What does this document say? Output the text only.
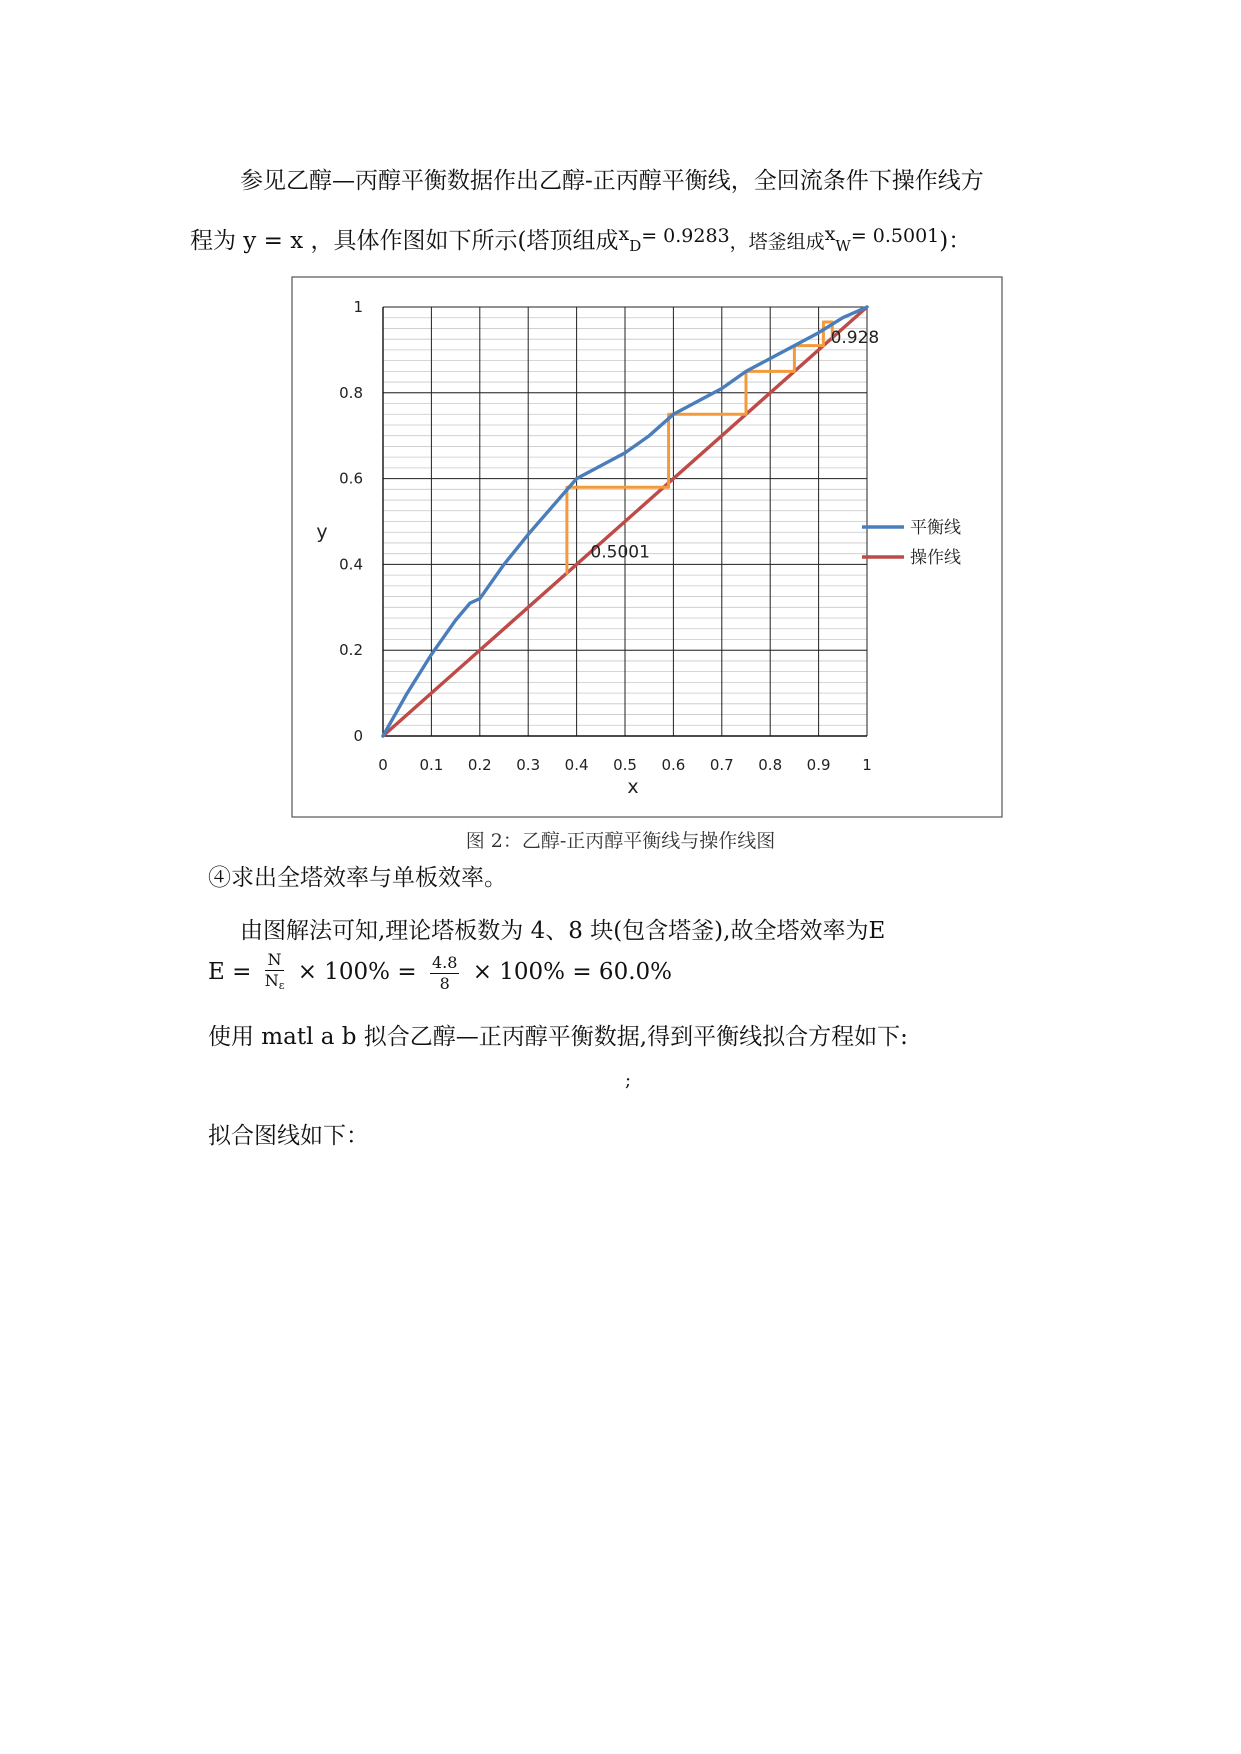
参见乙醇—丙醇平衡数据作出乙醇-正丙醇平衡线，全回流条件下操作线方
程为 y = x ，具体作图如下所示(塔顶组成$^x_D^{= 0.9283}$，塔釜组成$^x_W^{= 0.5001}$)：
0 0.1 0.2 0.3 0.4 0.5 0.6 0.7 0.8 0.9 1
0
0.2
0.4
0.6
0.8
1
0.928
0.5001
平衡线
操作线
x
y
图 2：乙醇-正丙醇平衡线与操作线图
④求出全塔效率与单板效率。
由图解法可知,理论塔板数为 4、8 块(包含塔釜),故全塔效率为E
$E = \frac{N}{N\varepsilon} \times 100\% = \frac{4.8}{8} \times 100\% = 60.0\%$
使用 matl a b 拟合乙醇—正丙醇平衡数据,得到平衡线拟合方程如下:
;
拟合图线如下：
